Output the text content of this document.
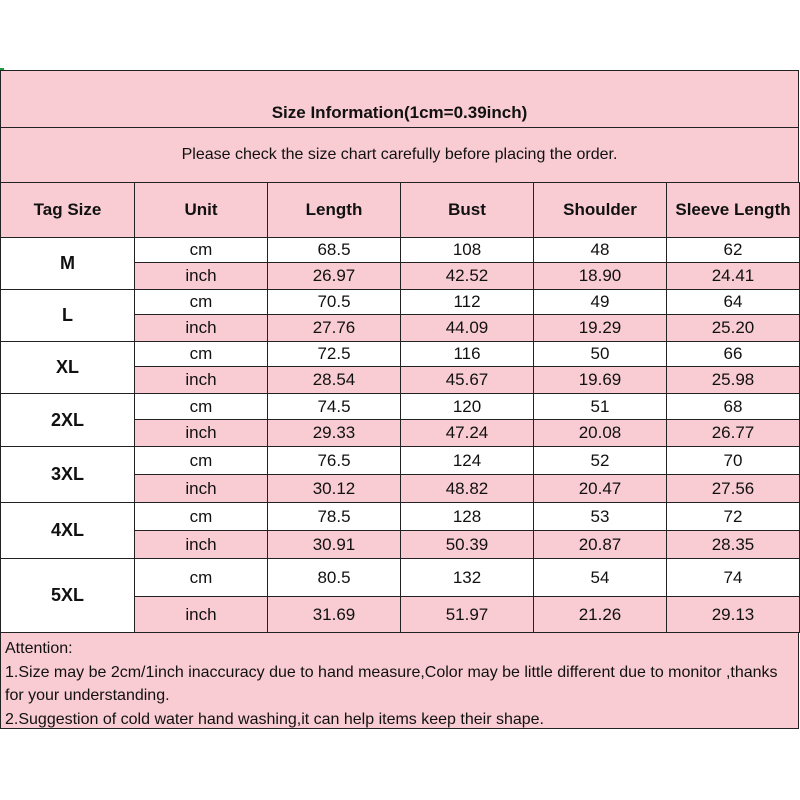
Size Information(1cm=0.39inch)
Please check the size chart carefully before placing the order.
Tag Size	Unit	Length	Bust	Shoulder	Sleeve Length
M
cm	68.5	108	48	62
inch	26.97	42.52	18.90	24.41
L
cm	70.5	112	49	64
inch	27.76	44.09	19.29	25.20
XL
cm	72.5	116	50	66
inch	28.54	45.67	19.69	25.98
2XL
cm	74.5	120	51	68
inch	29.33	47.24	20.08	26.77
3XL
cm	76.5	124	52	70
inch	30.12	48.82	20.47	27.56
4XL
cm	78.5	128	53	72
inch	30.91	50.39	20.87	28.35
5XL
cm	80.5	132	54	74
inch	31.69	51.97	21.26	29.13
Attention:
1.Size may be 2cm/1inch inaccuracy due to hand measure,Color may be little different due to monitor ,thanks for your understanding.
2.Suggestion of cold water hand washing,it can help items keep their shape.
